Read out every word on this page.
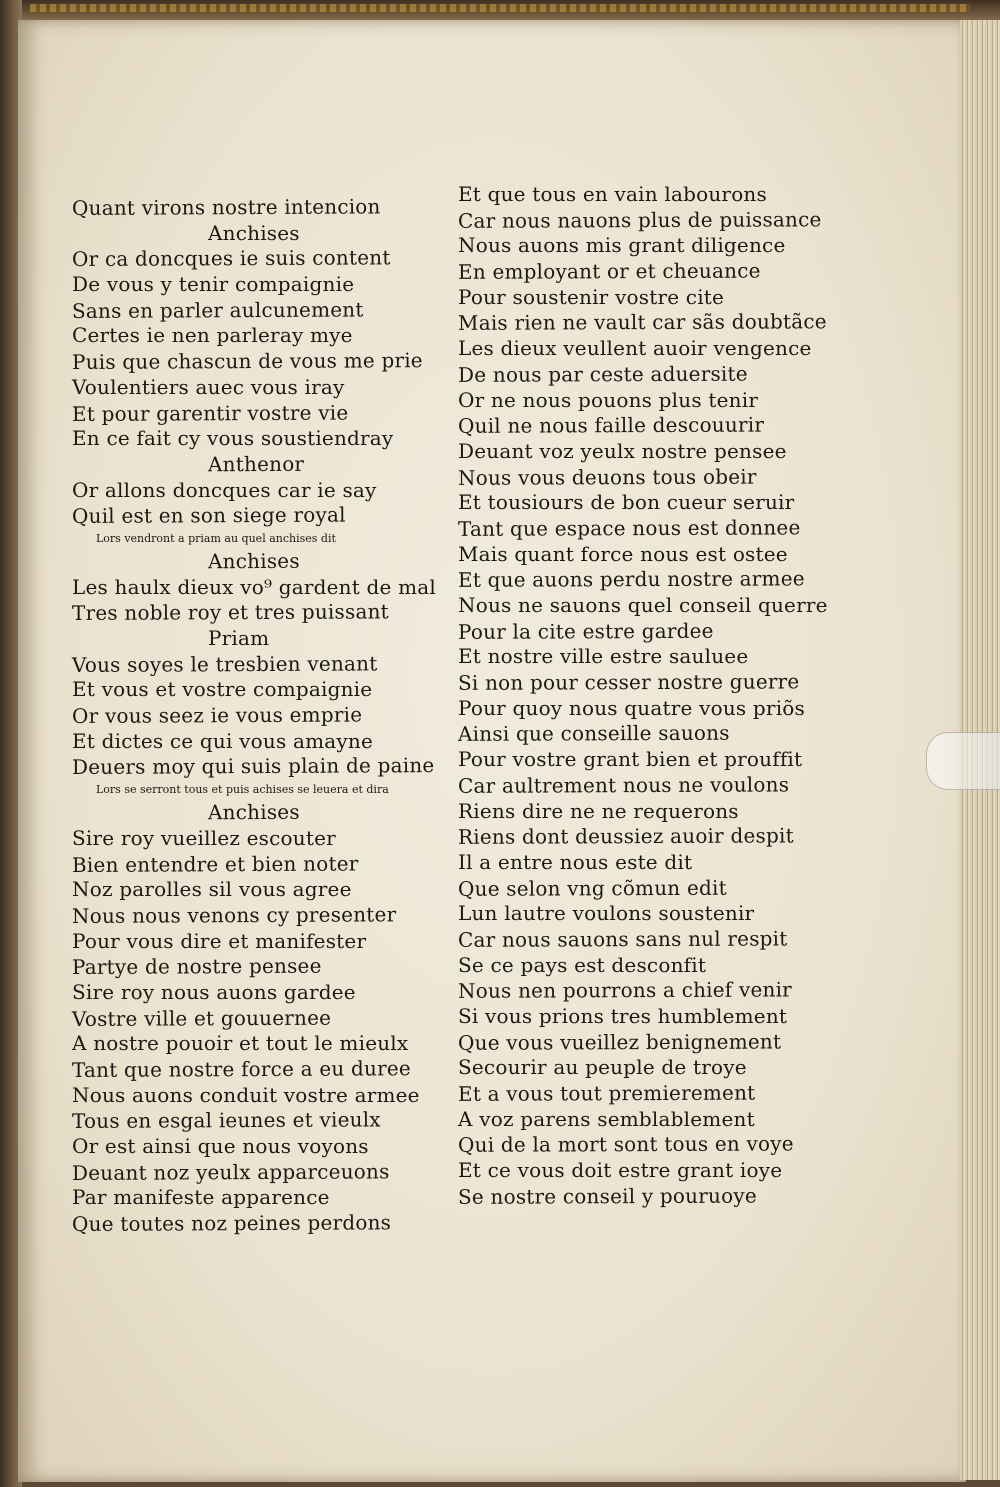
Quant virons nostre intencion
Anchises
Or ca doncques ie suis content
De vous y tenir compaignie
Sans en parler aulcunement
Certes ie nen parleray mye
Puis que chascun de vous me prie
Voulentiers auec vous iray
Et pour garentir vostre vie
En ce fait cy vous soustiendray
Anthenor
Or allons doncques car ie say
Quil est en son siege royal
Lors vendront a priam au quel anchises dit
Anchises
Les haulx dieux vo⁹ gardent de mal
Tres noble roy et tres puissant
Priam
Vous soyes le tresbien venant
Et vous et vostre compaignie
Or vous seez ie vous emprie
Et dictes ce qui vous amayne
Deuers moy qui suis plain de paine
Lors se serront tous et puis achises se leuera et dira
Anchises
Sire roy vueillez escouter
Bien entendre et bien noter
Noz parolles sil vous agree
Nous nous venons cy presenter
Pour vous dire et manifester
Partye de nostre pensee
Sire roy nous auons gardee
Vostre ville et gouuernee
A nostre pouoir et tout le mieulx
Tant que nostre force a eu duree
Nous auons conduit vostre armee
Tous en esgal ieunes et vieulx
Or est ainsi que nous voyons
Deuant noz yeulx apparceuons
Par manifeste apparence
Que toutes noz peines perdons
Et que tous en vain labourons
Car nous nauons plus de puissance
Nous auons mis grant diligence
En employant or et cheuance
Pour soustenir vostre cite
Mais rien ne vault car sãs doubtãce
Les dieux veullent auoir vengence
De nous par ceste aduersite
Or ne nous pouons plus tenir
Quil ne nous faille descouurir
Deuant voz yeulx nostre pensee
Nous vous deuons tous obeir
Et tousiours de bon cueur seruir
Tant que espace nous est donnee
Mais quant force nous est ostee
Et que auons perdu nostre armee
Nous ne sauons quel conseil querre
Pour la cite estre gardee
Et nostre ville estre sauluee
Si non pour cesser nostre guerre
Pour quoy nous quatre vous priõs
Ainsi que conseille sauons
Pour vostre grant bien et prouffit
Car aultrement nous ne voulons
Riens dire ne ne requerons
Riens dont deussiez auoir despit
Il a entre nous este dit
Que selon vng cõmun edit
Lun lautre voulons soustenir
Car nous sauons sans nul respit
Se ce pays est desconfit
Nous nen pourrons a chief venir
Si vous prions tres humblement
Que vous vueillez benignement
Secourir au peuple de troye
Et a vous tout premierement
A voz parens semblablement
Qui de la mort sont tous en voye
Et ce vous doit estre grant ioye
Se nostre conseil y pouruoye
